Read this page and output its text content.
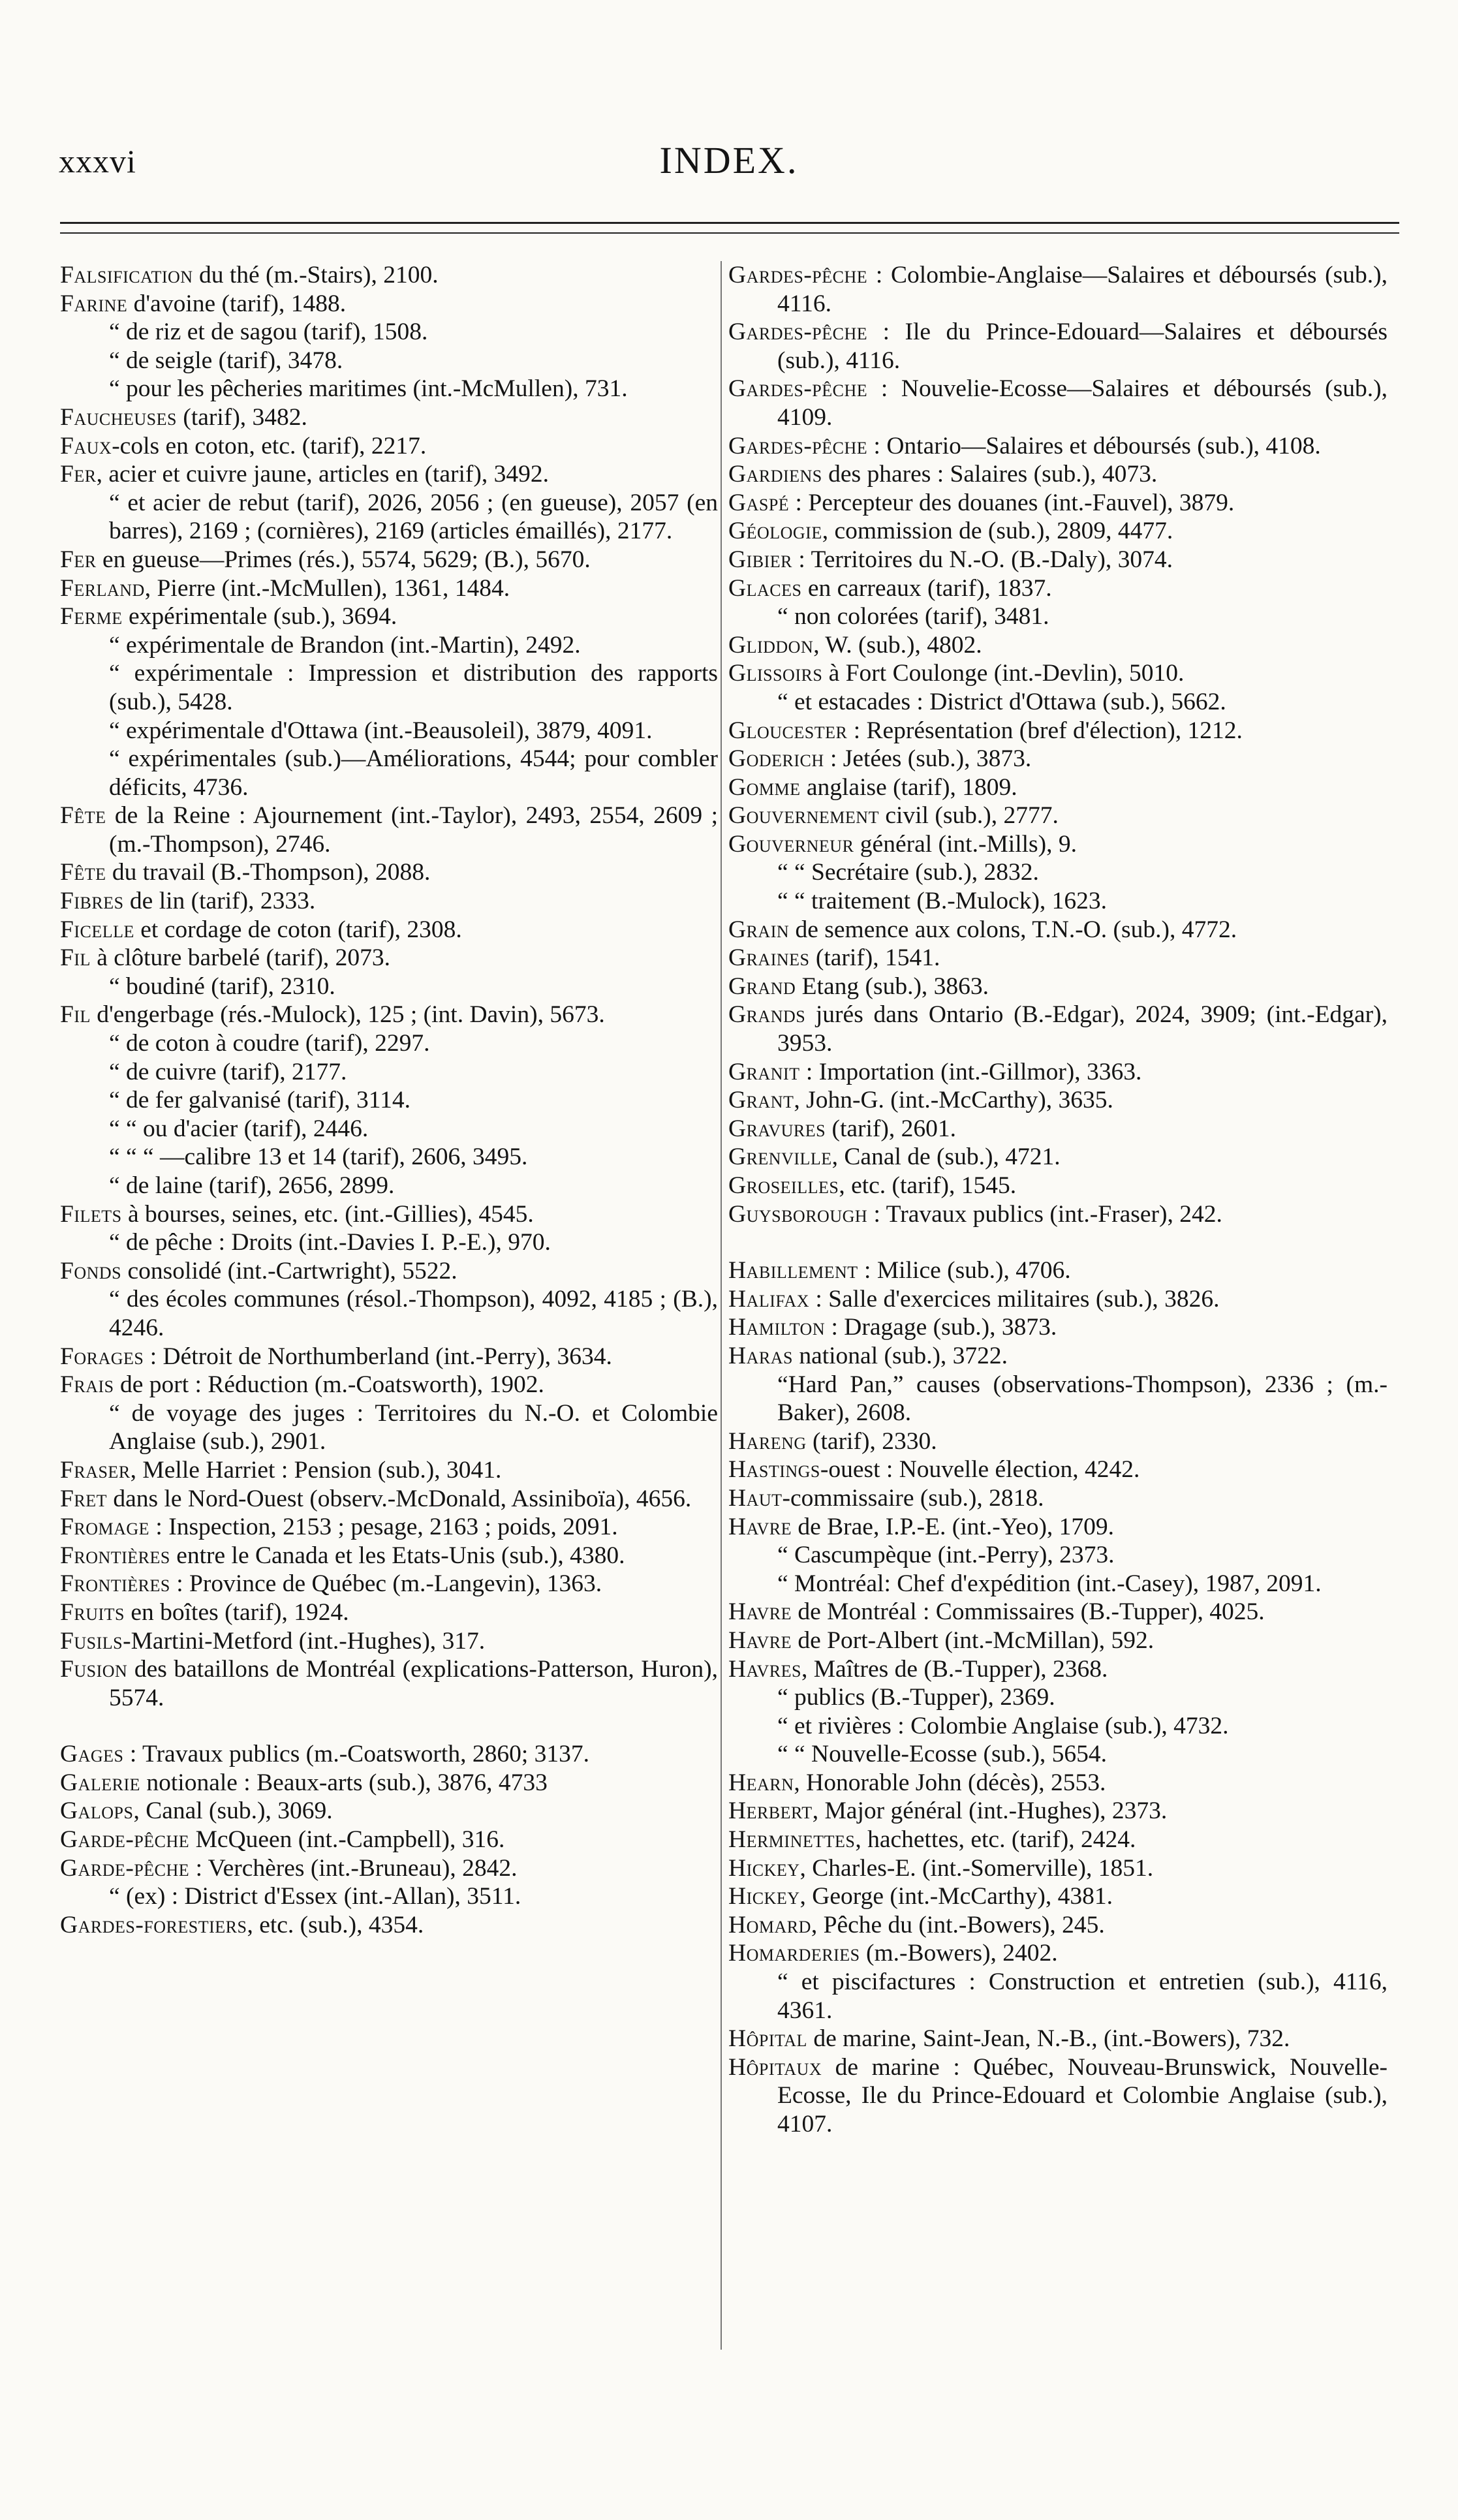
xxxvi	INDEX.

Falsification du thé (m.-Stairs), 2100.

Farine d'avoine (tarif), 1488.

“ de riz et de sagou (tarif), 1508.

“ de seigle (tarif), 3478.

“ pour les pêcheries maritimes (int.-McMullen), 731.

Faucheuses (tarif), 3482.

Faux-cols en coton, etc. (tarif), 2217.

Fer, acier et cuivre jaune, articles en (tarif), 3492.

“ et acier de rebut (tarif), 2026, 2056 ; (en gueuse), 2057 (en barres), 2169 ; (cornières), 2169 (articles émaillés), 2177.

Fer en gueuse—Primes (rés.), 5574, 5629; (B.), 5670.

Ferland, Pierre (int.-McMullen), 1361, 1484.

Ferme expérimentale (sub.), 3694.

“ expérimentale de Brandon (int.-Martin), 2492.

“ expérimentale : Impression et distribution des rapports (sub.), 5428.

“ expérimentale d'Ottawa (int.-Beausoleil), 3879, 4091.

“ expérimentales (sub.)—Améliorations, 4544; pour combler déficits, 4736.

Fête de la Reine : Ajournement (int.-Taylor), 2493, 2554, 2609 ; (m.-Thompson), 2746.

Fête du travail (B.-Thompson), 2088.

Fibres de lin (tarif), 2333.

Ficelle et cordage de coton (tarif), 2308.

Fil à clôture barbelé (tarif), 2073.

“ boudiné (tarif), 2310.

Fil d'engerbage (rés.-Mulock), 125 ; (int. Davin), 5673.

“ de coton à coudre (tarif), 2297.

“ de cuivre (tarif), 2177.

“ de fer galvanisé (tarif), 3114.

“ “ ou d'acier (tarif), 2446.

“ “ “ —calibre 13 et 14 (tarif), 2606, 3495.

“ de laine (tarif), 2656, 2899.

Filets à bourses, seines, etc. (int.-Gillies), 4545.

“ de pêche : Droits (int.-Davies I. P.-E.), 970.

Fonds consolidé (int.-Cartwright), 5522.

“ des écoles communes (résol.-Thompson), 4092, 4185 ; (B.), 4246.

Forages : Détroit de Northumberland (int.-Perry), 3634.

Frais de port : Réduction (m.-Coatsworth), 1902.

“ de voyage des juges : Territoires du N.-O. et Colombie Anglaise (sub.), 2901.

Fraser, Melle Harriet : Pension (sub.), 3041.

Fret dans le Nord-Ouest (observ.-McDonald, Assiniboïa), 4656.

Fromage : Inspection, 2153 ; pesage, 2163 ; poids, 2091.

Frontières entre le Canada et les Etats-Unis (sub.), 4380.

Frontières : Province de Québec (m.-Langevin), 1363.

Fruits en boîtes (tarif), 1924.

Fusils-Martini-Metford (int.-Hughes), 317.

Fusion des bataillons de Montréal (explications-Patterson, Huron), 5574.

Gages : Travaux publics (m.-Coatsworth, 2860; 3137.

Galerie notionale : Beaux-arts (sub.), 3876, 4733

Galops, Canal (sub.), 3069.

Garde-pêche McQueen (int.-Campbell), 316.

Garde-pêche : Verchères (int.-Bruneau), 2842.

“ (ex) : District d'Essex (int.-Allan), 3511.

Gardes-forestiers, etc. (sub.), 4354.

Gardes-pêche : Colombie-Anglaise—Salaires et déboursés (sub.), 4116.

Gardes-pêche : Ile du Prince-Edouard—Salaires et déboursés (sub.), 4116.

Gardes-pêche : Nouvelie-Ecosse—Salaires et déboursés (sub.), 4109.

Gardes-pêche : Ontario—Salaires et déboursés (sub.), 4108.

Gardiens des phares : Salaires (sub.), 4073.

Gaspé : Percepteur des douanes (int.-Fauvel), 3879.

Géologie, commission de (sub.), 2809, 4477.

Gibier : Territoires du N.-O. (B.-Daly), 3074.

Glaces en carreaux (tarif), 1837.

“ non colorées (tarif), 3481.

Gliddon, W. (sub.), 4802.

Glissoirs à Fort Coulonge (int.-Devlin), 5010.

“ et estacades : District d'Ottawa (sub.), 5662.

Gloucester : Représentation (bref d'élection), 1212.

Goderich : Jetées (sub.), 3873.

Gomme anglaise (tarif), 1809.

Gouvernement civil (sub.), 2777.

Gouverneur général (int.-Mills), 9.

“ “ Secrétaire (sub.), 2832.

“ “ traitement (B.-Mulock), 1623.

Grain de semence aux colons, T.N.-O. (sub.), 4772.

Graines (tarif), 1541.

Grand Etang (sub.), 3863.

Grands jurés dans Ontario (B.-Edgar), 2024, 3909; (int.-Edgar), 3953.

Granit : Importation (int.-Gillmor), 3363.

Grant, John-G. (int.-McCarthy), 3635.

Gravures (tarif), 2601.

Grenville, Canal de (sub.), 4721.

Groseilles, etc. (tarif), 1545.

Guysborough : Travaux publics (int.-Fraser), 242.

Habillement : Milice (sub.), 4706.

Halifax : Salle d'exercices militaires (sub.), 3826.

Hamilton : Dragage (sub.), 3873.

Haras national (sub.), 3722.

“Hard Pan,” causes (observations-Thompson), 2336 ; (m.-Baker), 2608.

Hareng (tarif), 2330.

Hastings-ouest : Nouvelle élection, 4242.

Haut-commissaire (sub.), 2818.

Havre de Brae, I.P.-E. (int.-Yeo), 1709.

“ Cascumpèque (int.-Perry), 2373.

“ Montréal: Chef d'expédition (int.-Casey), 1987, 2091.

Havre de Montréal : Commissaires (B.-Tupper), 4025.

Havre de Port-Albert (int.-McMillan), 592.

Havres, Maîtres de (B.-Tupper), 2368.

“ publics (B.-Tupper), 2369.

“ et rivières : Colombie Anglaise (sub.), 4732.

“ “ Nouvelle-Ecosse (sub.), 5654.

Hearn, Honorable John (décès), 2553.

Herbert, Major général (int.-Hughes), 2373.

Herminettes, hachettes, etc. (tarif), 2424.

Hickey, Charles-E. (int.-Somerville), 1851.

Hickey, George (int.-McCarthy), 4381.

Homard, Pêche du (int.-Bowers), 245.

Homarderies (m.-Bowers), 2402.

“ et piscifactures : Construction et entretien (sub.), 4116, 4361.

Hôpital de marine, Saint-Jean, N.-B., (int.-Bowers), 732.

Hôpitaux de marine : Québec, Nouveau-Brunswick, Nouvelle-Ecosse, Ile du Prince-Edouard et Colombie Anglaise (sub.), 4107.
